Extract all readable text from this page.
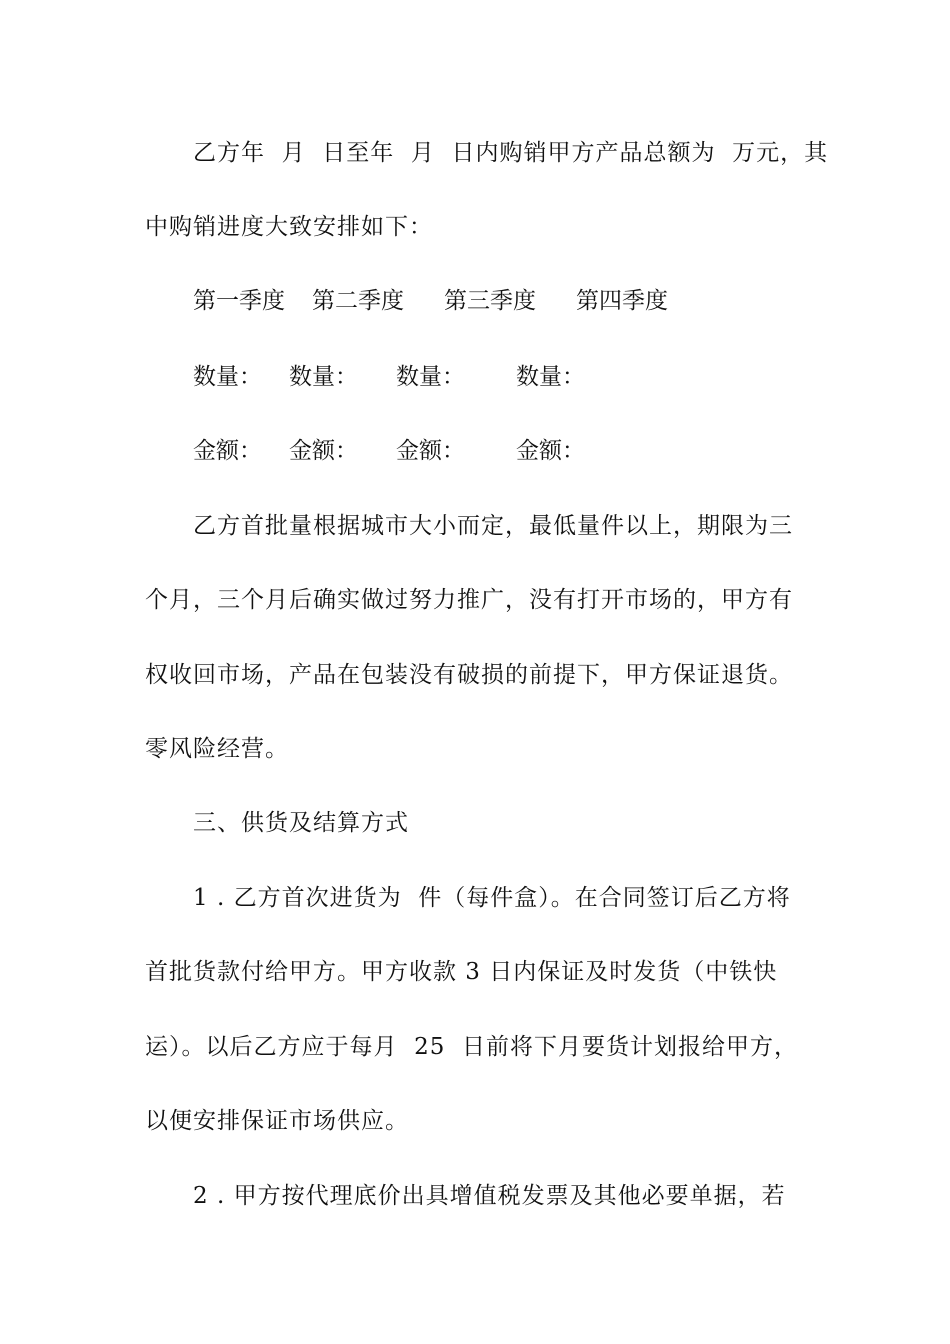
乙方年  月  日至年  月  日内购销甲方产品总额为  万元，其
中购销进度大致安排如下：

第一季度

第二季度

第三季度

第四季度

数量：

数量：

数量：

数量：

金额：

金额：

金额：

金额：

乙方首批量根据城市大小而定，最低量件以上，期限为三
个月，三个月后确实做过努力推广，没有打开市场的，甲方有
权收回市场，产品在包装没有破损的前提下，甲方保证退货。
零风险经营。
三、供货及结算方式
1 . 乙方首次进货为  件（每件盒）。在合同签订后乙方将
首批货款付给甲方。甲方收款 3 日内保证及时发货（中铁快
运）。以后乙方应于每月  25  日前将下月要货计划报给甲方，
以便安排保证市场供应。
2 . 甲方按代理底价出具增值税发票及其他必要单据，若
